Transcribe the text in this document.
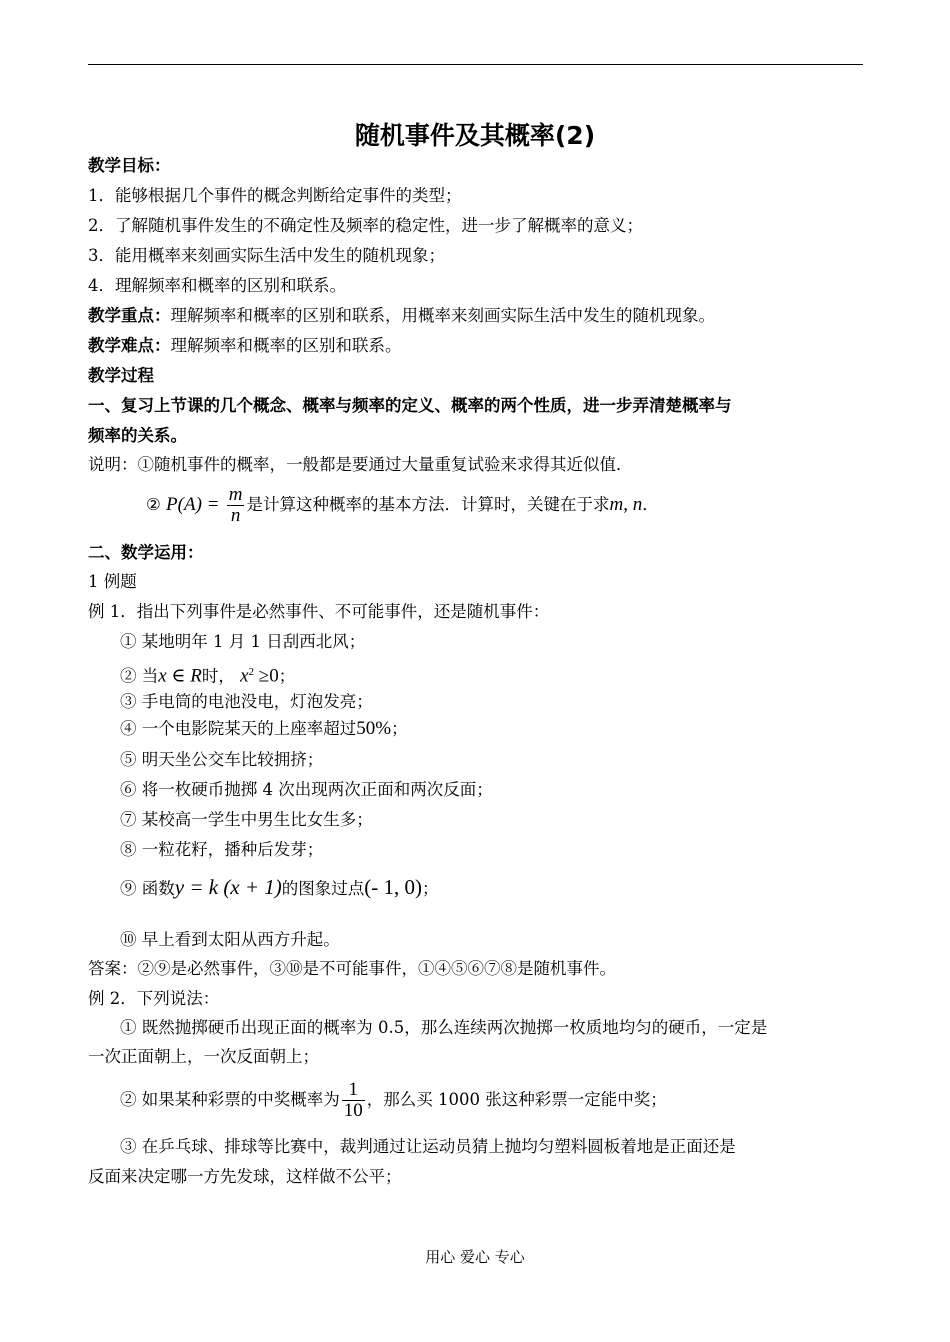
随机事件及其概率(2)
教学目标：
1．能够根据几个事件的概念判断给定事件的类型；
2．了解随机事件发生的不确定性及频率的稳定性，进一步了解概率的意义；
3．能用概率来刻画实际生活中发生的随机现象；
4．理解频率和概率的区别和联系。
教学重点：理解频率和概率的区别和联系，用概率来刻画实际生活中发生的随机现象。
教学难点：理解频率和概率的区别和联系。
教学过程
一、复习上节课的几个概念、概率与频率的定义、概率的两个性质，进一步弄清楚概率与
频率的关系。
说明：①随机事件的概率，一般都是要通过大量重复试验来求得其近似值．
② $P(A) = \frac{m}{n}$ 是计算这种概率的基本方法．计算时，关键在于求m, n．
二、数学运用：
1 例题
例 1．指出下列事件是必然事件、不可能事件，还是随机事件：
① 某地明年 1 月 1 日刮西北风；
② 当x ∈ R时， $x^2 \ge 0$；
③ 手电筒的电池没电，灯泡发亮；
④ 一个电影院某天的上座率超过50%；
⑤ 明天坐公交车比较拥挤；
⑥ 将一枚硬币抛掷 4 次出现两次正面和两次反面；
⑦ 某校高一学生中男生比女生多；
⑧ 一粒花籽，播种后发芽；
⑨ 函数y = k (x + 1)的图象过点(- 1, 0)；
⑩ 早上看到太阳从西方升起。
答案：②⑨是必然事件，③⑩是不可能事件，①④⑤⑥⑦⑧是随机事件。
例 2．下列说法：
① 既然抛掷硬币出现正面的概率为 0.5，那么连续两次抛掷一枚质地均匀的硬币，一定是
一次正面朝上，一次反面朝上；
② 如果某种彩票的中奖概率为 $\frac{1}{10}$ ，那么买 1000 张这种彩票一定能中奖；
③ 在乒乓球、排球等比赛中，裁判通过让运动员猜上抛均匀塑料圆板着地是正面还是
反面来决定哪一方先发球，这样做不公平；
用心 爱心 专心
